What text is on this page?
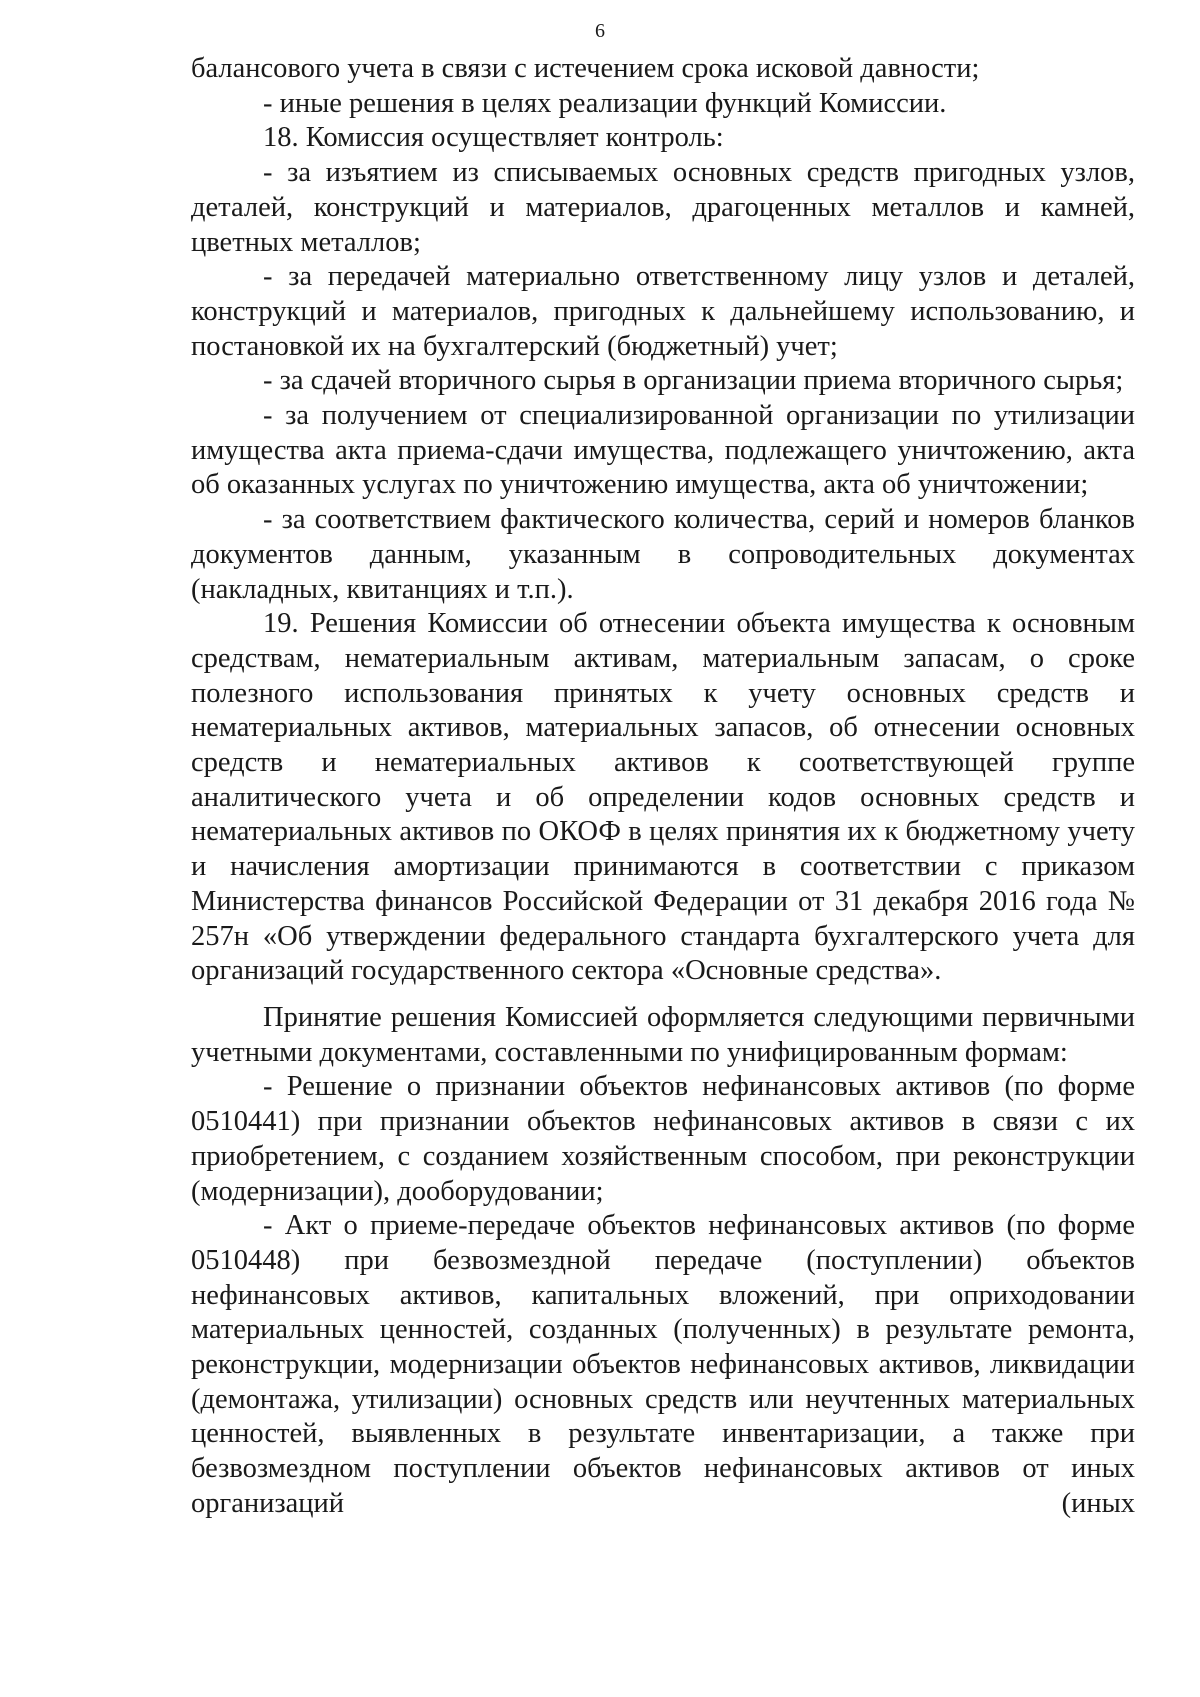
6

балансового учета в связи с истечением срока исковой давности;

- иные решения в целях реализации функций Комиссии.

18. Комиссия осуществляет контроль:

- за изъятием из списываемых основных средств пригодных узлов, деталей, конструкций и материалов, драгоценных металлов и камней, цветных металлов;

- за передачей материально ответственному лицу узлов и деталей, конструкций и материалов, пригодных к дальнейшему использованию, и постановкой их на бухгалтерский (бюджетный) учет;

- за сдачей вторичного сырья в организации приема вторичного сырья;

- за получением от специализированной организации по утилизации имущества акта приема-сдачи имущества, подлежащего уничтожению, акта об оказанных услугах по уничтожению имущества, акта об уничтожении;

- за соответствием фактического количества, серий и номеров бланков документов данным, указанным в сопроводительных документах (накладных, квитанциях и т.п.).

19. Решения Комиссии об отнесении объекта имущества к основным средствам, нематериальным активам, материальным запасам, о сроке полезного использования принятых к учету основных средств и нематериальных активов, материальных запасов, об отнесении основных средств и нематериальных активов к соответствующей группе аналитического учета и об определении кодов основных средств и нематериальных активов по ОКОФ в целях принятия их к бюджетному учету и начисления амортизации принимаются в соответствии с приказом Министерства финансов Российской Федерации от 31 декабря 2016 года № 257н «Об утверждении федерального стандарта бухгалтерского учета для организаций государственного сектора «Основные средства».

Принятие решения Комиссией оформляется следующими первичными учетными документами, составленными по унифицированным формам:

- Решение о признании объектов нефинансовых активов (по форме 0510441) при признании объектов нефинансовых активов в связи с их приобретением, с созданием хозяйственным способом, при реконструкции (модернизации), дооборудовании;

- Акт о приеме-передаче объектов нефинансовых активов (по форме 0510448) при безвозмездной передаче (поступлении) объектов нефинансовых активов, капитальных вложений, при оприходовании материальных ценностей, созданных (полученных) в результате ремонта, реконструкции, модернизации объектов нефинансовых активов, ликвидации (демонтажа, утилизации) основных средств или неучтенных материальных ценностей, выявленных в результате инвентаризации, а также при безвозмездном поступлении объектов нефинансовых активов от иных организаций (иных
